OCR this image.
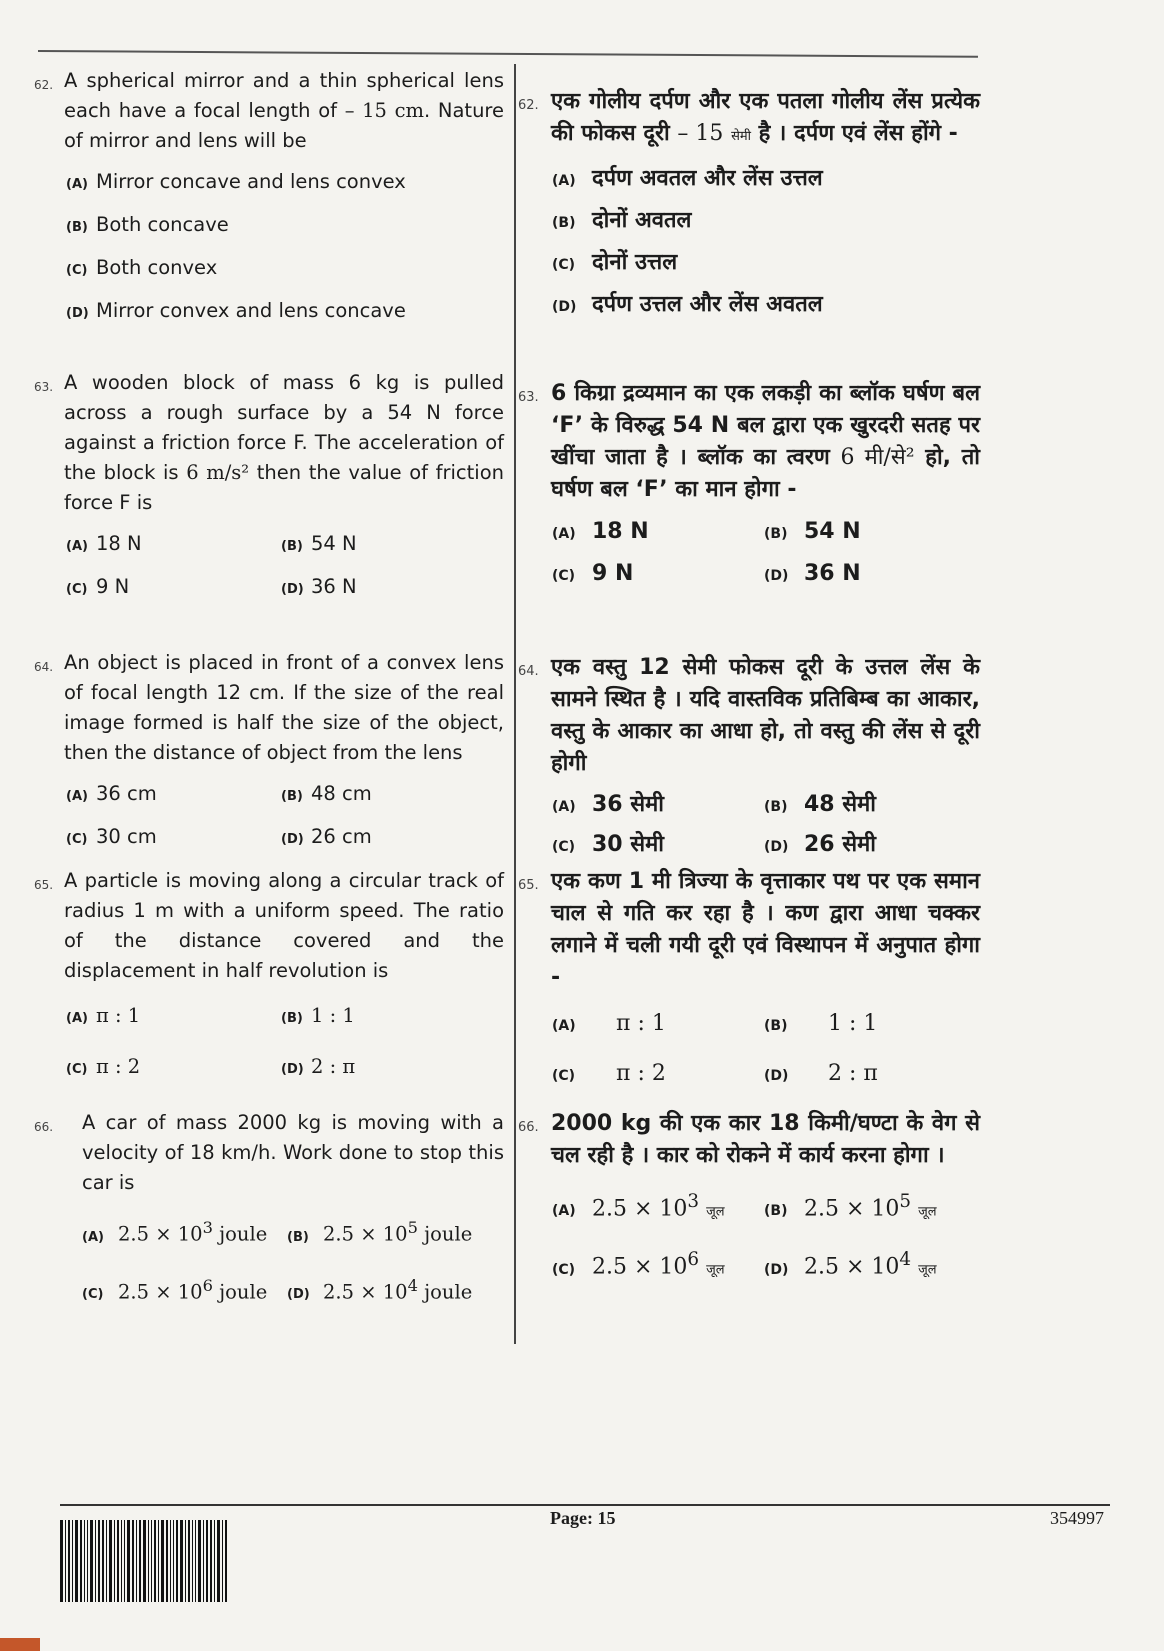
62. A spherical mirror and a thin spherical lens each have a focal length of – 15 cm. Nature of mirror and lens will be
(A) Mirror concave and lens convex
(B) Both concave
(C) Both convex
(D) Mirror convex and lens concave
62. एक गोलीय दर्पण और एक पतला गोलीय लेंस प्रत्येक की फोकस दूरी – 15 सेमी है । दर्पण एवं लेंस होंगे -
(A) दर्पण अवतल और लेंस उत्तल
(B) दोनों अवतल
(C) दोनों उत्तल
(D) दर्पण उत्तल और लेंस अवतल
63. A wooden block of mass 6 kg is pulled across a rough surface by a 54 N force against a friction force F. The acceleration of the block is 6 m/s² then the value of friction force F is
(A) 18 N	(B) 54 N
(C) 9 N	(D) 36 N
63. 6 किग्रा द्रव्यमान का एक लकड़ी का ब्लॉक घर्षण बल ‘F’ के विरुद्ध 54 N बल द्वारा एक खुरदरी सतह पर खींचा जाता है । ब्लॉक का त्वरण 6 मी/से² हो, तो घर्षण बल ‘F’ का मान होगा -
(A) 18 N	(B) 54 N
(C) 9 N	(D) 36 N
64. An object is placed in front of a convex lens of focal length 12 cm. If the size of the real image formed is half the size of the object, then the distance of object from the lens
(A) 36 cm	(B) 48 cm
(C) 30 cm	(D) 26 cm
64. एक वस्तु 12 सेमी फोकस दूरी के उत्तल लेंस के सामने स्थित है । यदि वास्तविक प्रतिबिम्ब का आकार, वस्तु के आकार का आधा हो, तो वस्तु की लेंस से दूरी होगी
(A) 36 सेमी	(B) 48 सेमी
(C) 30 सेमी	(D) 26 सेमी
65. A particle is moving along a circular track of radius 1 m with a uniform speed. The ratio of the distance covered and the displacement in half revolution is
(A) π : 1	(B) 1 : 1
(C) π : 2	(D) 2 : π
65. एक कण 1 मी त्रिज्या के वृत्ताकार पथ पर एक समान चाल से गति कर रहा है । कण द्वारा आधा चक्कर लगाने में चली गयी दूरी एवं विस्थापन में अनुपात होगा -
(A)	π : 1	(B)	1 : 1
(C)	π : 2	(D)	2 : π
66. A car of mass 2000 kg is moving with a velocity of 18 km/h. Work done to stop this car is
(A) $2.5 \times 10^3$ joule (B) $2.5 \times 10^5$ joule
(C) $2.5 \times 10^6$ joule (D) $2.5 \times 10^4$ joule
66. 2000 kg की एक कार 18 किमी/घण्टा के वेग से चल रही है । कार को रोकने में कार्य करना होगा ।
(A) $2.5 \times 10^3$ जूल	(B) $2.5 \times 10^5$ जूल
(C) $2.5 \times 10^6$ जूल	(D) $2.5 \times 10^4$ जूल
Page: 15	354997
